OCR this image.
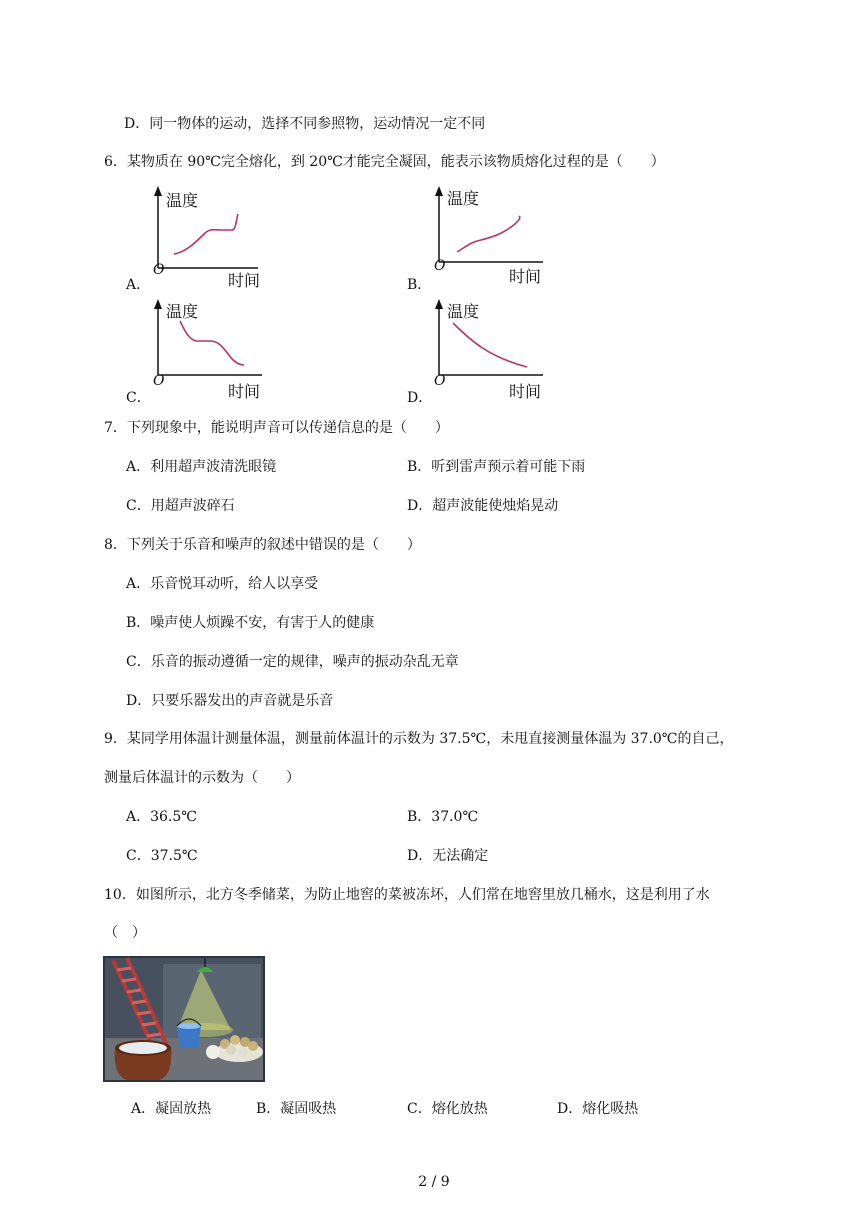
D．同一物体的运动，选择不同参照物，运动情况一定不同
6．某物质在 90℃完全熔化，到 20℃才能完全凝固，能表示该物质熔化过程的是（　　）
A．
温度
O
时间	B．
温度
O
时间
C．
温度
O
时间	D．
温度
O
时间
7．下列现象中，能说明声音可以传递信息的是（　　）
A．利用超声波清洗眼镜	B．听到雷声预示着可能下雨
C．用超声波碎石	D．超声波能使烛焰晃动
8．下列关于乐音和噪声的叙述中错误的是（　　）
A．乐音悦耳动听，给人以享受
B．噪声使人烦躁不安，有害于人的健康
C．乐音的振动遵循一定的规律，噪声的振动杂乱无章
D．只要乐器发出的声音就是乐音
9．某同学用体温计测量体温，测量前体温计的示数为 37.5℃，未甩直接测量体温为 37.0℃的自己，
测量后体温计的示数为（　　）
A．36.5℃	B．37.0℃
C．37.5℃	D．无法确定
10．如图所示，北方冬季储菜，为防止地窖的菜被冻坏，人们常在地窖里放几桶水，这是利用了水
（　）
A．凝固放热	B．凝固吸热	C．熔化放热	D．熔化吸热
2 / 9
